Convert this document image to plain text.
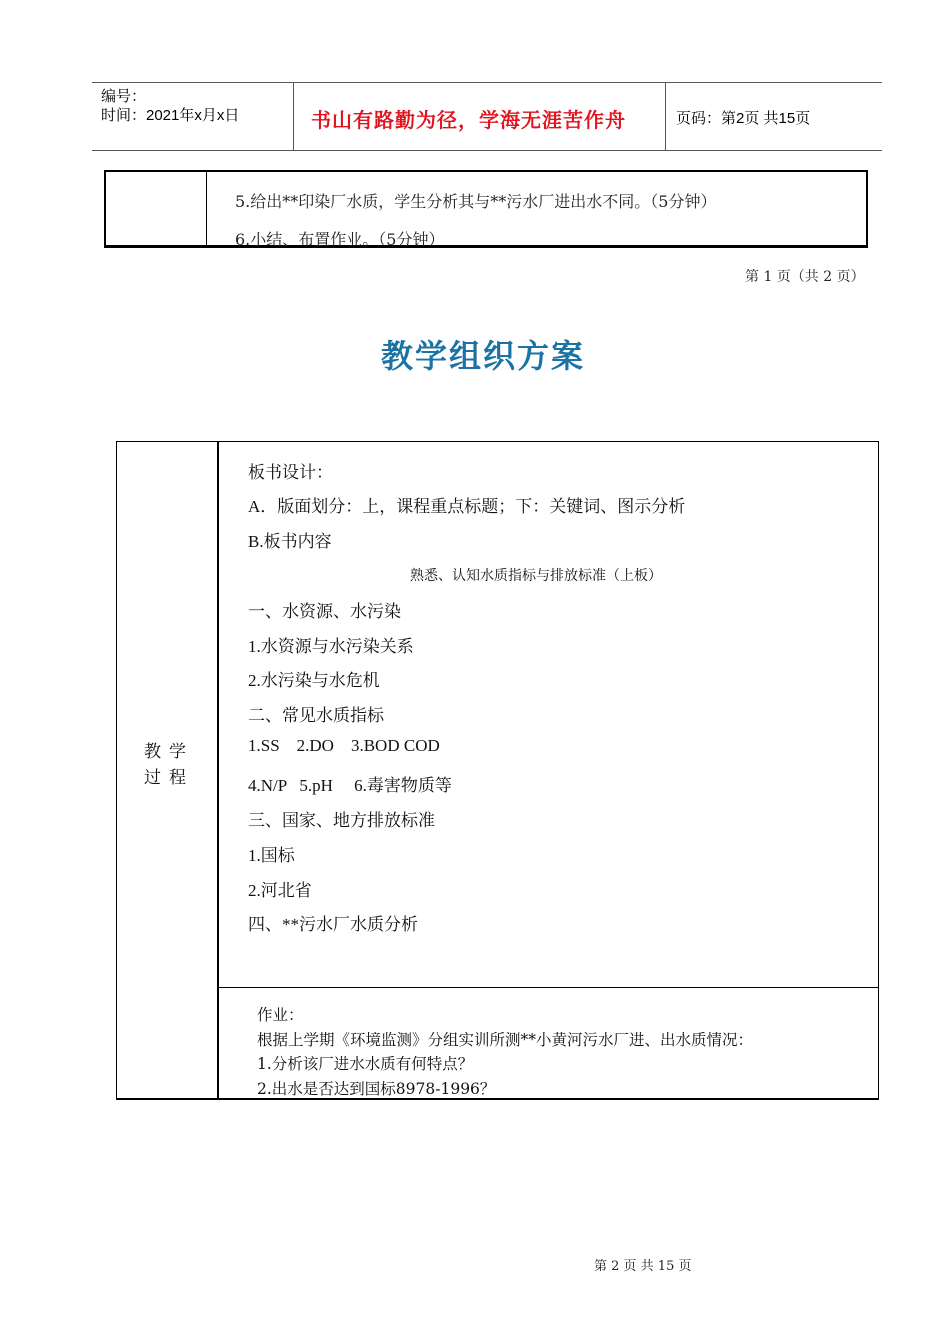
编号：
时间：2021年x月x日	书山有路勤为径，学海无涯苦作舟	页码：第2页 共15页
5.给出**印染厂水质，学生分析其与**污水厂进出水不同。（5分钟）
6.小结、布置作业。（5分钟）
第 1 页（共 2 页）
教学组织方案
教学
过程
板书设计：
A．版面划分：上，课程重点标题；下：关键词、图示分析
B.板书内容
熟悉、认知水质指标与排放标准（上板）
一、水资源、水污染
1.水资源与水污染关系
2.水污染与水危机
二、常见水质指标
1.SS    2.DO    3.BOD COD
4.N/P   5.pH     6.毒害物质等
三、国家、地方排放标准
1.国标
2.河北省
四、**污水厂水质分析
作业：
根据上学期《环境监测》分组实训所测**小黄河污水厂进、出水质情况：
1.分析该厂进水水质有何特点？
2.出水是否达到国标8978-1996？
第 2 页 共 15 页
